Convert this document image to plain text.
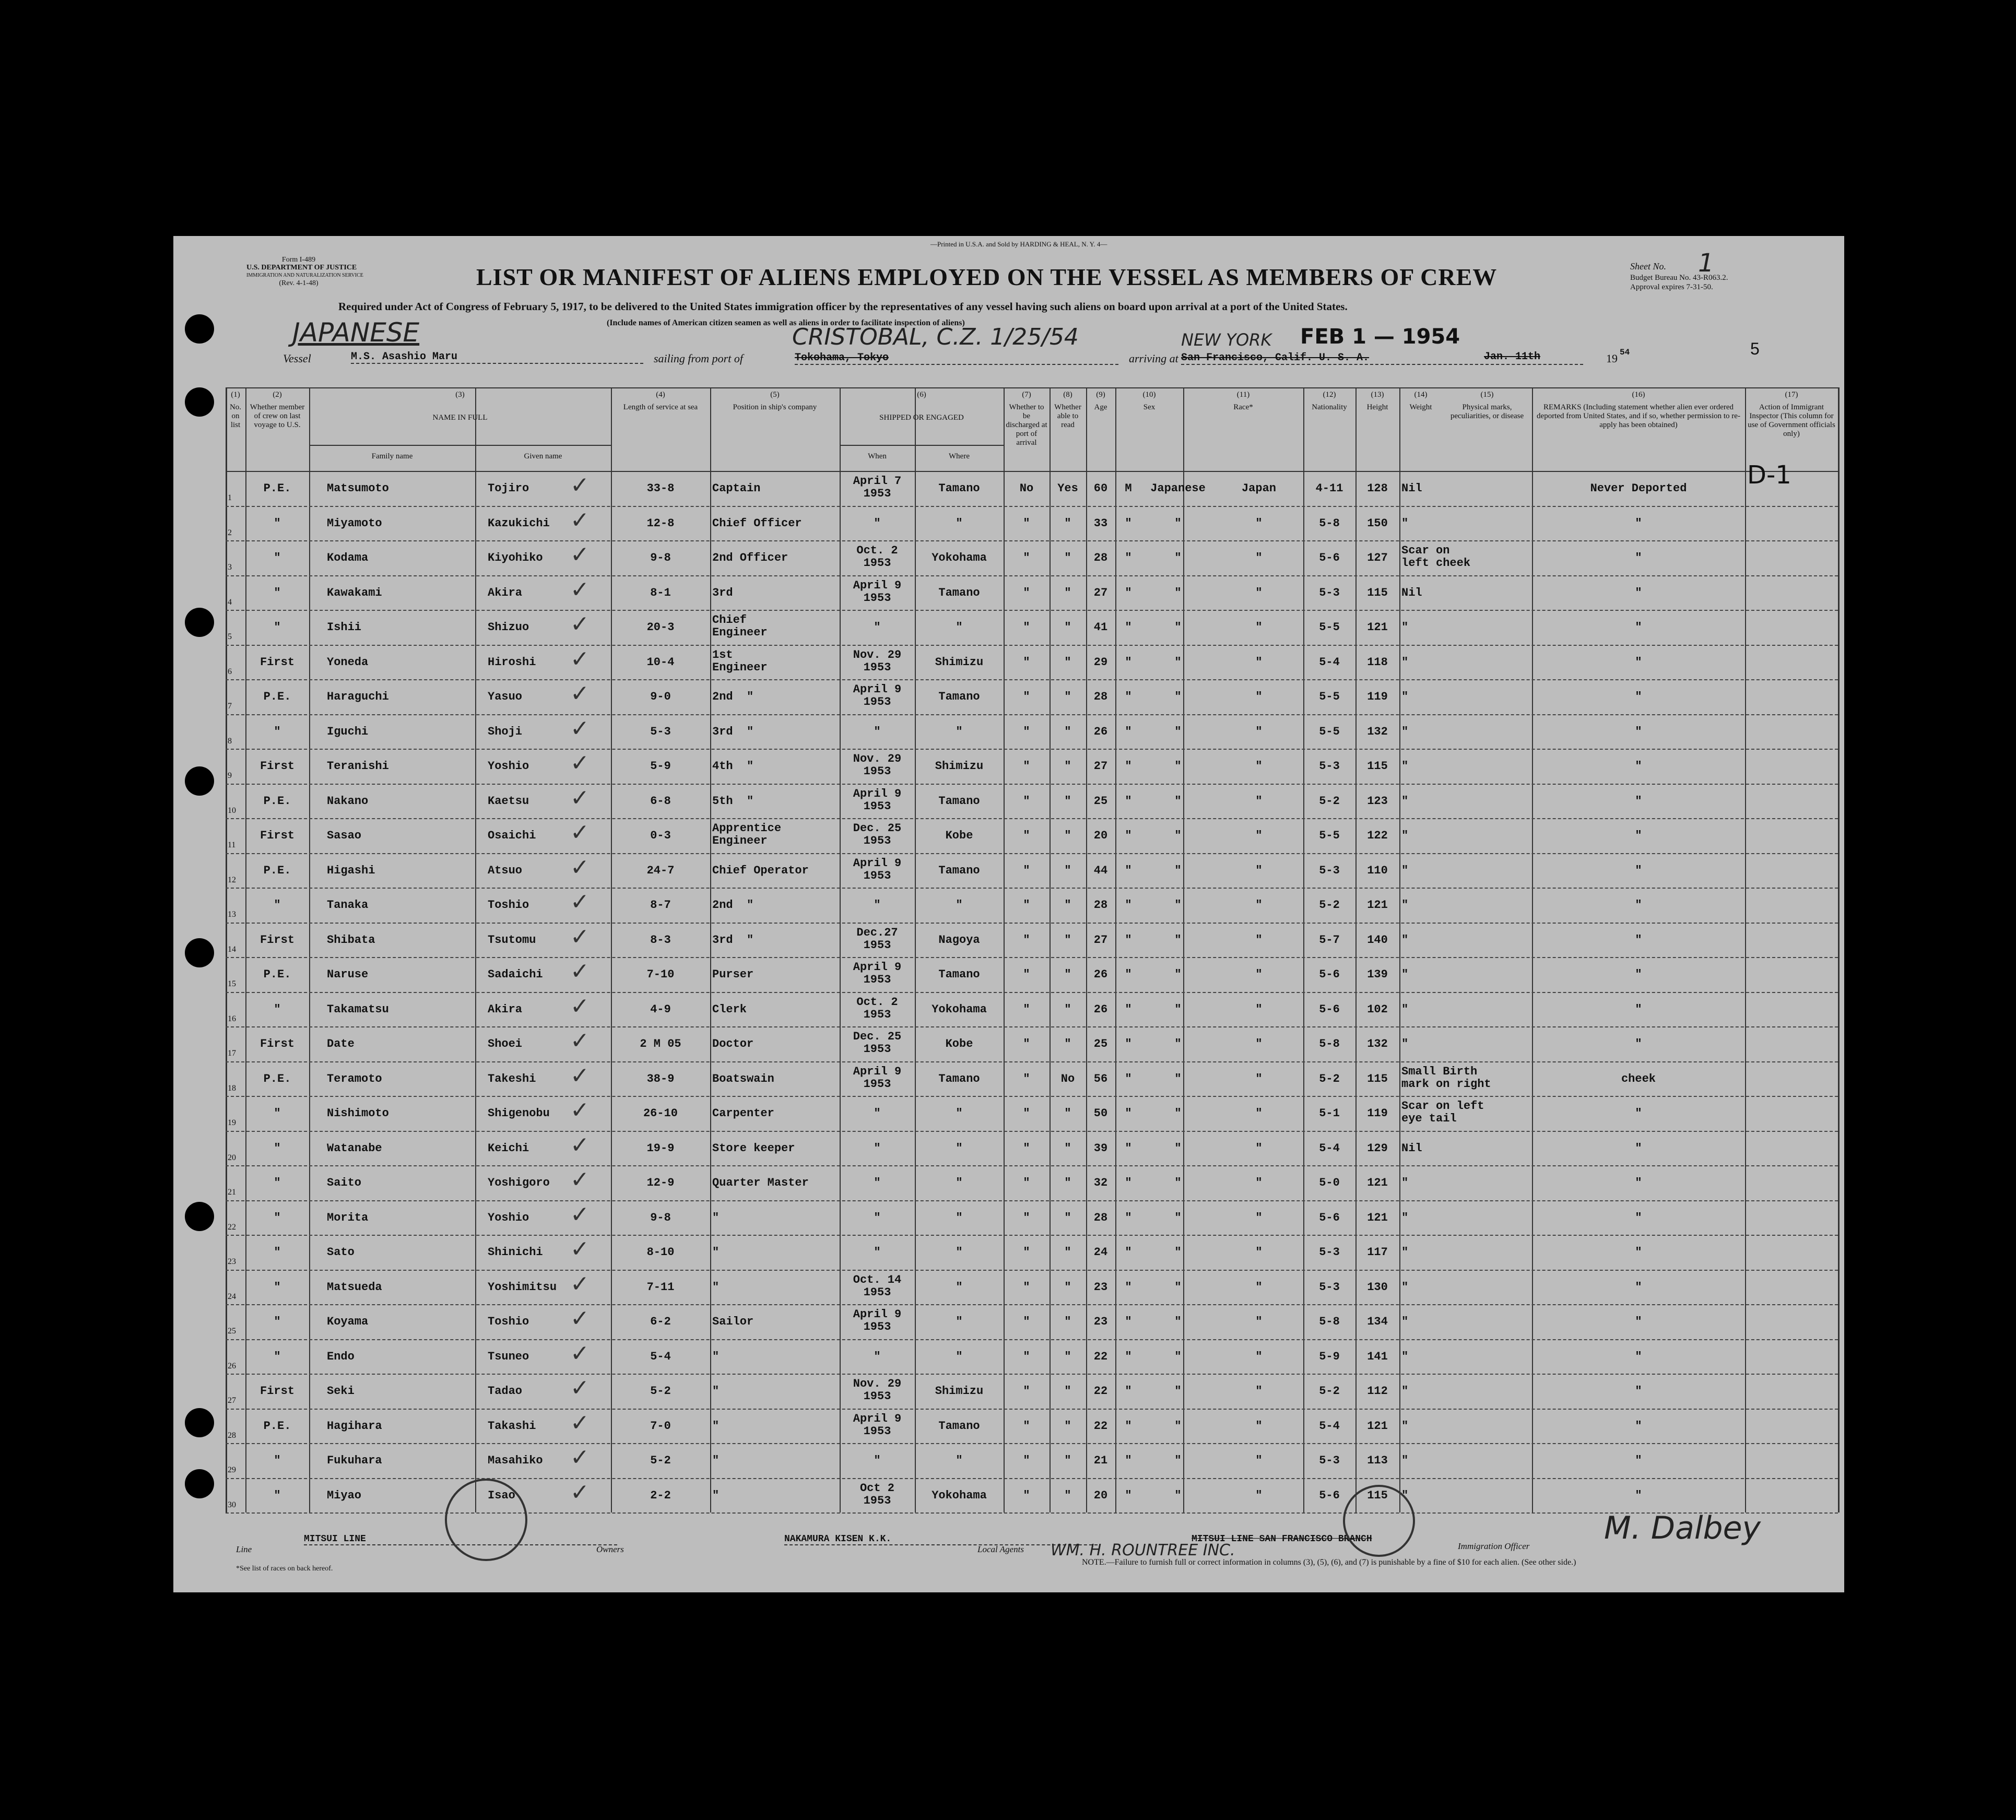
—Printed in U.S.A. and Sold by HARDING & HEAL, N. Y. 4—
Form I-489
U.S. DEPARTMENT OF JUSTICE
IMMIGRATION AND NATURALIZATION SERVICE
(Rev. 4-1-48)	LIST OR MANIFEST OF ALIENS EMPLOYED ON THE VESSEL AS MEMBERS OF CREW	Sheet No. 1
Budget Bureau No. 43-R063.2.
Approval expires 7-31-50.
Required under Act of Congress of February 5, 1917, to be delivered to the United States immigration officer by the representatives of any vessel having such aliens on board upon arrival at a port of the United States.
(Include names of American citizen seamen as well as aliens in order to facilitate inspection of aliens)
JAPANESE
Vessel	M.S. Asashio Maru	sailing from port of	Tokohama, Tokyo
CRISTOBAL, C.Z. 1/25/54
arriving at San Francisco, Calif. U. S. A.
NEW YORK FEB 1 — 1954
Jan. 11th	19 54	5
(1)
No. on list
(2)
Whether member of crew on last voyage to U.S.
(3)
NAME IN FULL
Family name	Given name
(4)
Length of service at sea
(5)
Position in ship's company
(6)
SHIPPED OR ENGAGED
When	Where
(7)
Whether to be discharged at port of arrival
(8)
Whether able to read
(9)
Age
(10)
Sex
(11)
Race*
(12)
Nationality
(13)
Height
(14)
Weight
(15)
Physical marks, peculiarities, or disease
(16)
REMARKS (Including statement whether alien ever ordered deported from United States, and if so, whether permission to re-apply has been obtained)
(17)
Action of Immigrant Inspector (This column for use of Government officials only)
1
P.E.	Matsumoto	Tojiro	33-8	Captain
April 7
1953	Tamano	No	Yes	60	M	Japanese	Japan	4-11	128	Nil	Never Deported	D-1
✓
2
"	Miyamoto	Kazukichi	12-8	Chief Officer	"	"	"	"	33	"	"	"	5-8	150	"	"
✓
3
"	Kodama	Kiyohiko	9-8	2nd Officer
Oct. 2
1953	Yokohama	"	"	28	"	"	"	5-6	127
Scar on
left cheek	"
✓
4
"	Kawakami	Akira	8-1	3rd
April 9
1953	Tamano	"	"	27	"	"	"	5-3	115	Nil	"
✓
5
"	Ishii	Shizuo	20-3
Chief
Engineer	"	"	"	"	41	"	"	"	5-5	121	"	"
✓
6
First	Yoneda	Hiroshi	10-4
1st
Engineer
Nov. 29
1953	Shimizu	"	"	29	"	"	"	5-4	118	"	"
✓
7
P.E.	Haraguchi	Yasuo	9-0	2nd  "
April 9
1953	Tamano	"	"	28	"	"	"	5-5	119	"	"
✓
8
"	Iguchi	Shoji	5-3	3rd  "	"	"	"	"	26	"	"	"	5-5	132	"	"
✓
9
First	Teranishi	Yoshio	5-9	4th  "
Nov. 29
1953	Shimizu	"	"	27	"	"	"	5-3	115	"	"
✓
10
P.E.	Nakano	Kaetsu	6-8	5th  "
April 9
1953	Tamano	"	"	25	"	"	"	5-2	123	"	"
✓
11
First	Sasao	Osaichi	0-3
Apprentice
Engineer
Dec. 25
1953	Kobe	"	"	20	"	"	"	5-5	122	"	"
✓
12
P.E.	Higashi	Atsuo	24-7	Chief Operator
April 9
1953	Tamano	"	"	44	"	"	"	5-3	110	"	"
✓
13
"	Tanaka	Toshio	8-7	2nd  "	"	"	"	"	28	"	"	"	5-2	121	"	"
✓
14
First	Shibata	Tsutomu	8-3	3rd  "
Dec.27
1953	Nagoya	"	"	27	"	"	"	5-7	140	"	"
✓
15
P.E.	Naruse	Sadaichi	7-10	Purser
April 9
1953	Tamano	"	"	26	"	"	"	5-6	139	"	"
✓
16
"	Takamatsu	Akira	4-9	Clerk
Oct. 2
1953	Yokohama	"	"	26	"	"	"	5-6	102	"	"
✓
17
First	Date	Shoei	2 M 05	Doctor
Dec. 25
1953	Kobe	"	"	25	"	"	"	5-8	132	"	"
✓
18
P.E.	Teramoto	Takeshi	38-9	Boatswain
April 9
1953	Tamano	"	No	56	"	"	"	5-2	115
Small Birth
mark on right	cheek
✓
19
"	Nishimoto	Shigenobu	26-10	Carpenter	"	"	"	"	50	"	"	"	5-1	119
Scar on left
eye tail	"
✓
20
"	Watanabe	Keichi	19-9	Store keeper	"	"	"	"	39	"	"	"	5-4	129	Nil	"
✓
21
"	Saito	Yoshigoro	12-9	Quarter Master	"	"	"	"	32	"	"	"	5-0	121	"	"
✓
22
"	Morita	Yoshio	9-8	"	"	"	"	"	28	"	"	"	5-6	121	"	"
✓
23
"	Sato	Shinichi	8-10	"	"	"	"	"	24	"	"	"	5-3	117	"	"
✓
24
"	Matsueda	Yoshimitsu	7-11	"
Oct. 14
1953	"	"	"	23	"	"	"	5-3	130	"	"
✓
25
"	Koyama	Toshio	6-2	Sailor
April 9
1953	"	"	"	23	"	"	"	5-8	134	"	"
✓
26
"	Endo	Tsuneo	5-4	"	"	"	"	"	22	"	"	"	5-9	141	"	"
✓
27
First	Seki	Tadao	5-2	"
Nov. 29
1953	Shimizu	"	"	22	"	"	"	5-2	112	"	"
✓
28
P.E.	Hagihara	Takashi	7-0	"
April 9
1953	Tamano	"	"	22	"	"	"	5-4	121	"	"
✓
29
"	Fukuhara	Masahiko	5-2	"	"	"	"	"	21	"	"	"	5-3	113	"	"
✓
30
"	Miyao	Isao	2-2	"
Oct 2
1953	Yokohama	"	"	20	"	"	"	5-6	115	"	"
✓
Line
MITSUI LINE
Owners
NAKAMURA KISEN K.K.
Local Agents
MITSUI LINE SAN FRANCISCO BRANCH
WM. H. ROUNTREE INC.	Immigration Officer M. Dalbey
*See list of races on back hereof.
NOTE.—Failure to furnish full or correct information in columns (3), (5), (6), and (7) is punishable by a fine of $10 for each alien. (See other side.)
